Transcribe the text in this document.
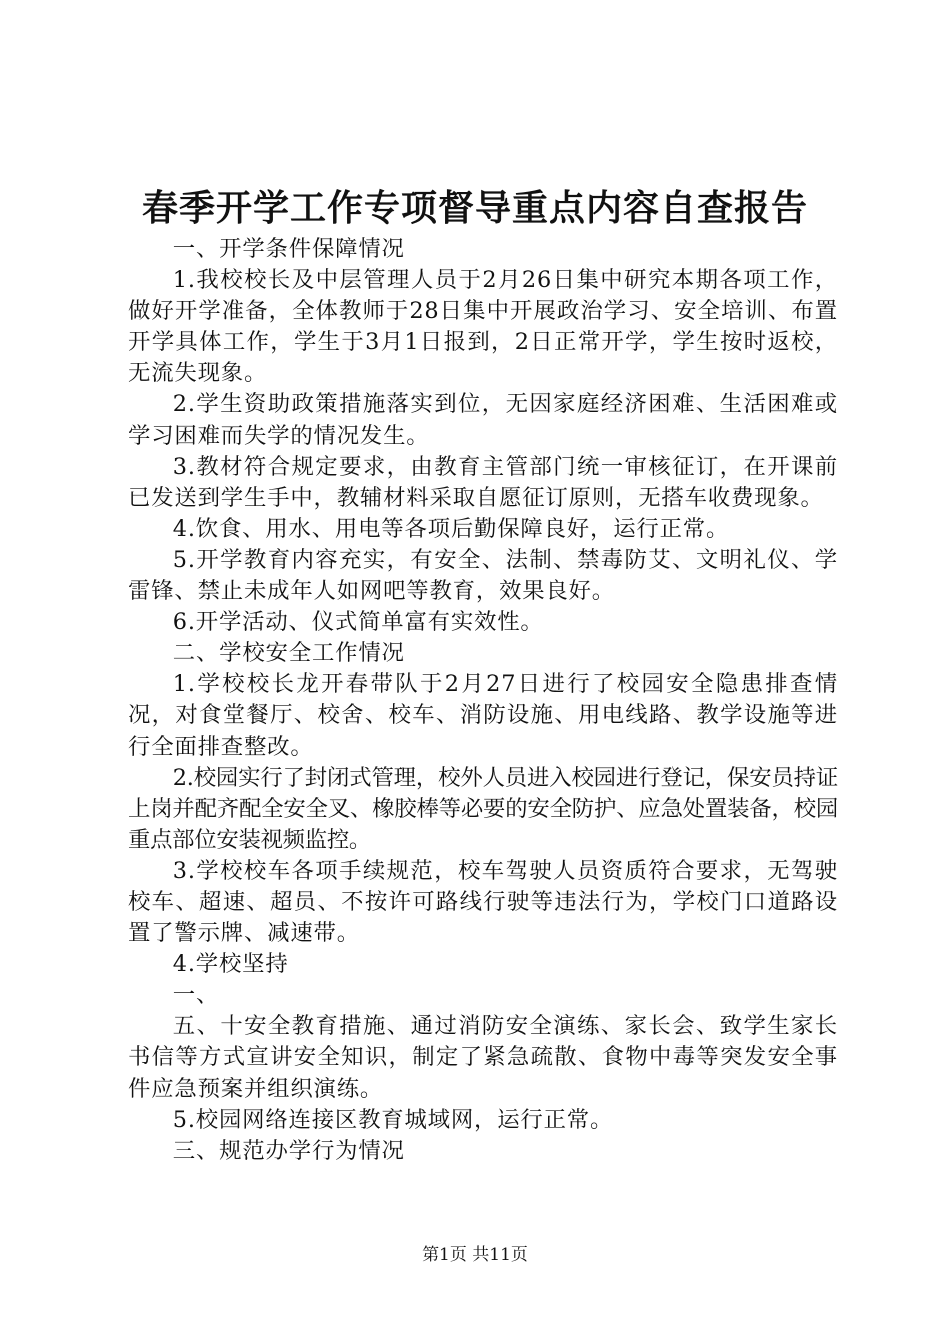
春季开学工作专项督导重点内容自查报告

一、开学条件保障情况

1.我校校长及中层管理人员于2月26日集中研究本期各项工作，做好开学准备，全体教师于28日集中开展政治学习、安全培训、布置开学具体工作，学生于3月1日报到，2日正常开学，学生按时返校，无流失现象。

2.学生资助政策措施落实到位，无因家庭经济困难、生活困难或学习困难而失学的情况发生。

3.教材符合规定要求，由教育主管部门统一审核征订，在开课前已发送到学生手中，教辅材料采取自愿征订原则，无搭车收费现象。

4.饮食、用水、用电等各项后勤保障良好，运行正常。

5.开学教育内容充实，有安全、法制、禁毒防艾、文明礼仪、学雷锋、禁止未成年人如网吧等教育，效果良好。

6.开学活动、仪式简单富有实效性。

二、学校安全工作情况

1.学校校长龙开春带队于2月27日进行了校园安全隐患排查情况，对食堂餐厅、校舍、校车、消防设施、用电线路、教学设施等进行全面排查整改。

2.校园实行了封闭式管理，校外人员进入校园进行登记，保安员持证上岗并配齐配全安全叉、橡胶棒等必要的安全防护、应急处置装备，校园重点部位安装视频监控。

3.学校校车各项手续规范，校车驾驶人员资质符合要求，无驾驶校车、超速、超员、不按许可路线行驶等违法行为，学校门口道路设置了警示牌、减速带。

4.学校坚持

一、

五、十安全教育措施、通过消防安全演练、家长会、致学生家长书信等方式宣讲安全知识，制定了紧急疏散、食物中毒等突发安全事件应急预案并组织演练。

5.校园网络连接区教育城域网，运行正常。

三、规范办学行为情况

第1页 共11页
